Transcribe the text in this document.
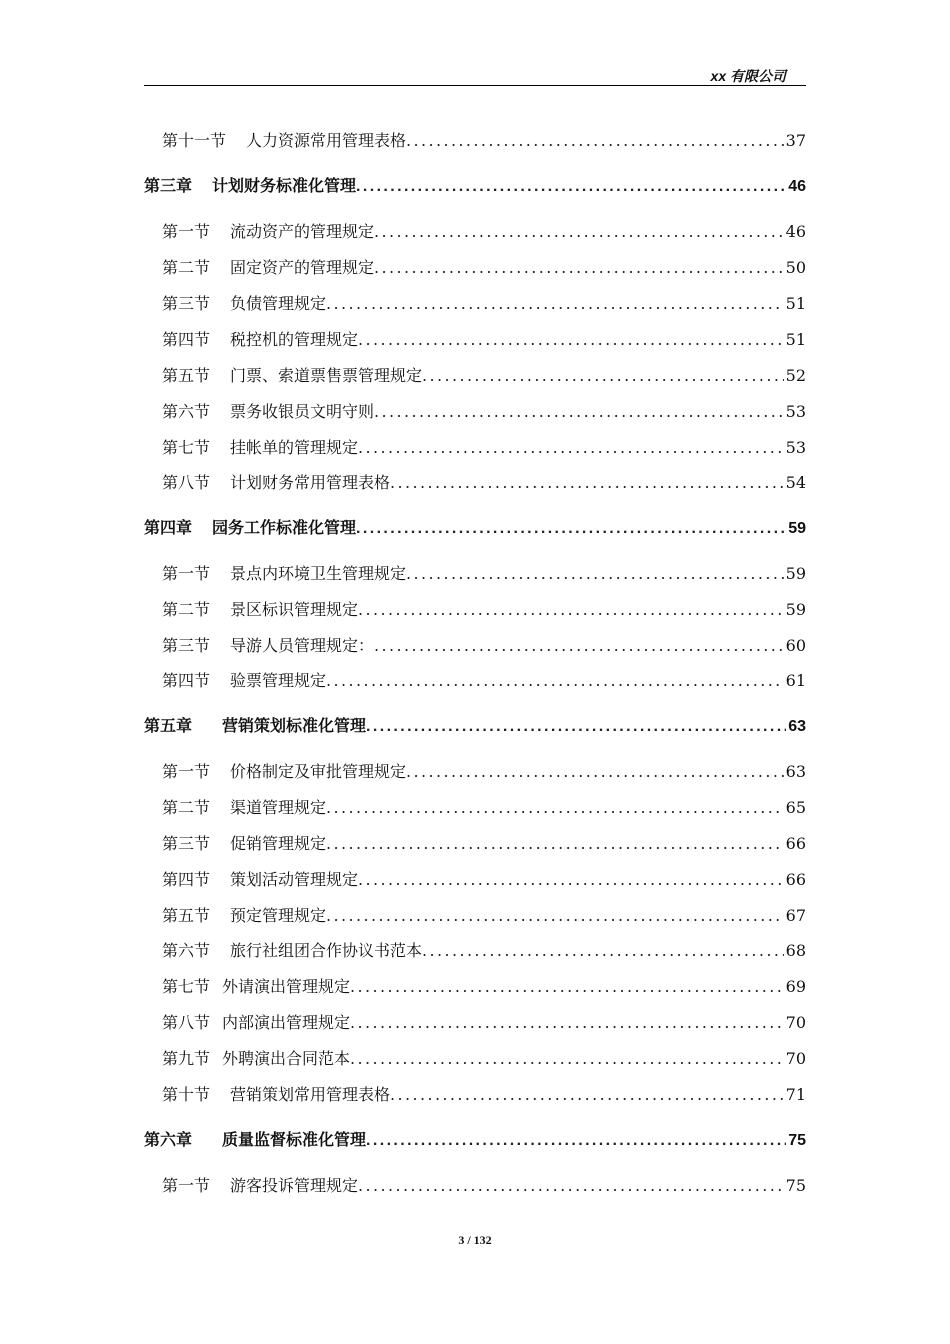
xx 有限公司
第十一节 人力资源常用管理表格 .....	37
第三章 计划财务标准化管理 .....	46
第一节 流动资产的管理规定 .....	46
第二节 固定资产的管理规定 .....	50
第三节 负债管理规定 .....	51
第四节 税控机的管理规定 .....	51
第五节 门票、索道票售票管理规定 .....	52
第六节 票务收银员文明守则 .....	53
第七节 挂帐单的管理规定 .....	53
第八节 计划财务常用管理表格 .....	54
第四章 园务工作标准化管理 .....	59
第一节 景点内环境卫生管理规定 .....	59
第二节 景区标识管理规定 .....	59
第三节 导游人员管理规定： .....	60
第四节 验票管理规定 .....	61
第五章 营销策划标准化管理 .....	63
第一节 价格制定及审批管理规定 .....	63
第二节 渠道管理规定 .....	65
第三节 促销管理规定 .....	66
第四节 策划活动管理规定 .....	66
第五节 预定管理规定 .....	67
第六节 旅行社组团合作协议书范本 .....	68
第七节 外请演出管理规定 .....	69
第八节 内部演出管理规定 .....	70
第九节 外聘演出合同范本 .....	70
第十节 营销策划常用管理表格 .....	71
第六章 质量监督标准化管理 .....	75
第一节 游客投诉管理规定 .....	75
3 / 132
